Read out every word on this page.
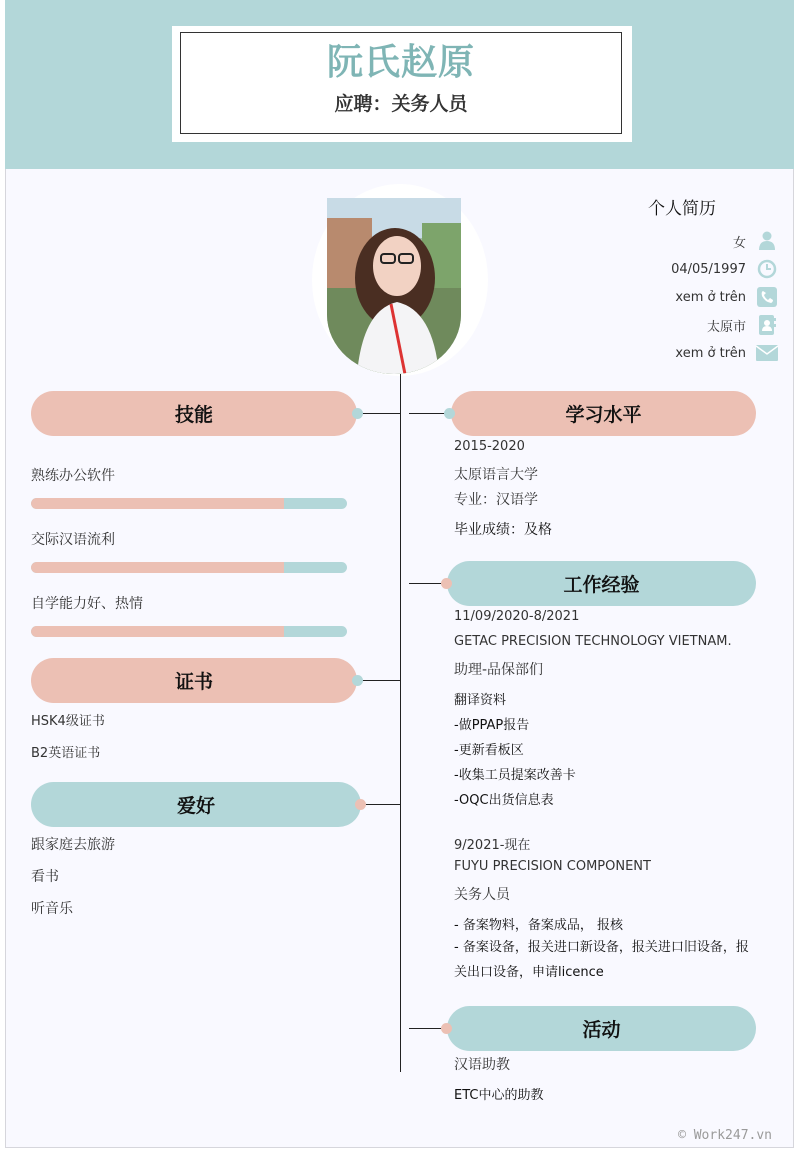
阮氏赵原
应聘：关务人员
个人简历
女
04/05/1997
xem ở trên
太原市
xem ở trên
技能
熟练办公软件
交际汉语流利
自学能力好、热情
证书
HSK4级证书
B2英语证书
爱好
跟家庭去旅游
看书
听音乐
学习水平
2015-2020
太原语言大学
专业：汉语学
毕业成绩：及格
工作经验
11/09/2020-8/2021
GETAC PRECISION TECHNOLOGY VIETNAM.
助理-品保部们
翻译资料
-做PPAP报告
-更新看板区
-收集工员提案改善卡
-OQC出货信息表
9/2021-现在
FUYU PRECISION COMPONENT
关务人员
- 备案物料，备案成品， 报核
- 备案设备，报关进口新设备，报关进口旧设备，报关出口设备，申请licence
活动
汉语助教
ETC中心的助教
© Work247.vn
